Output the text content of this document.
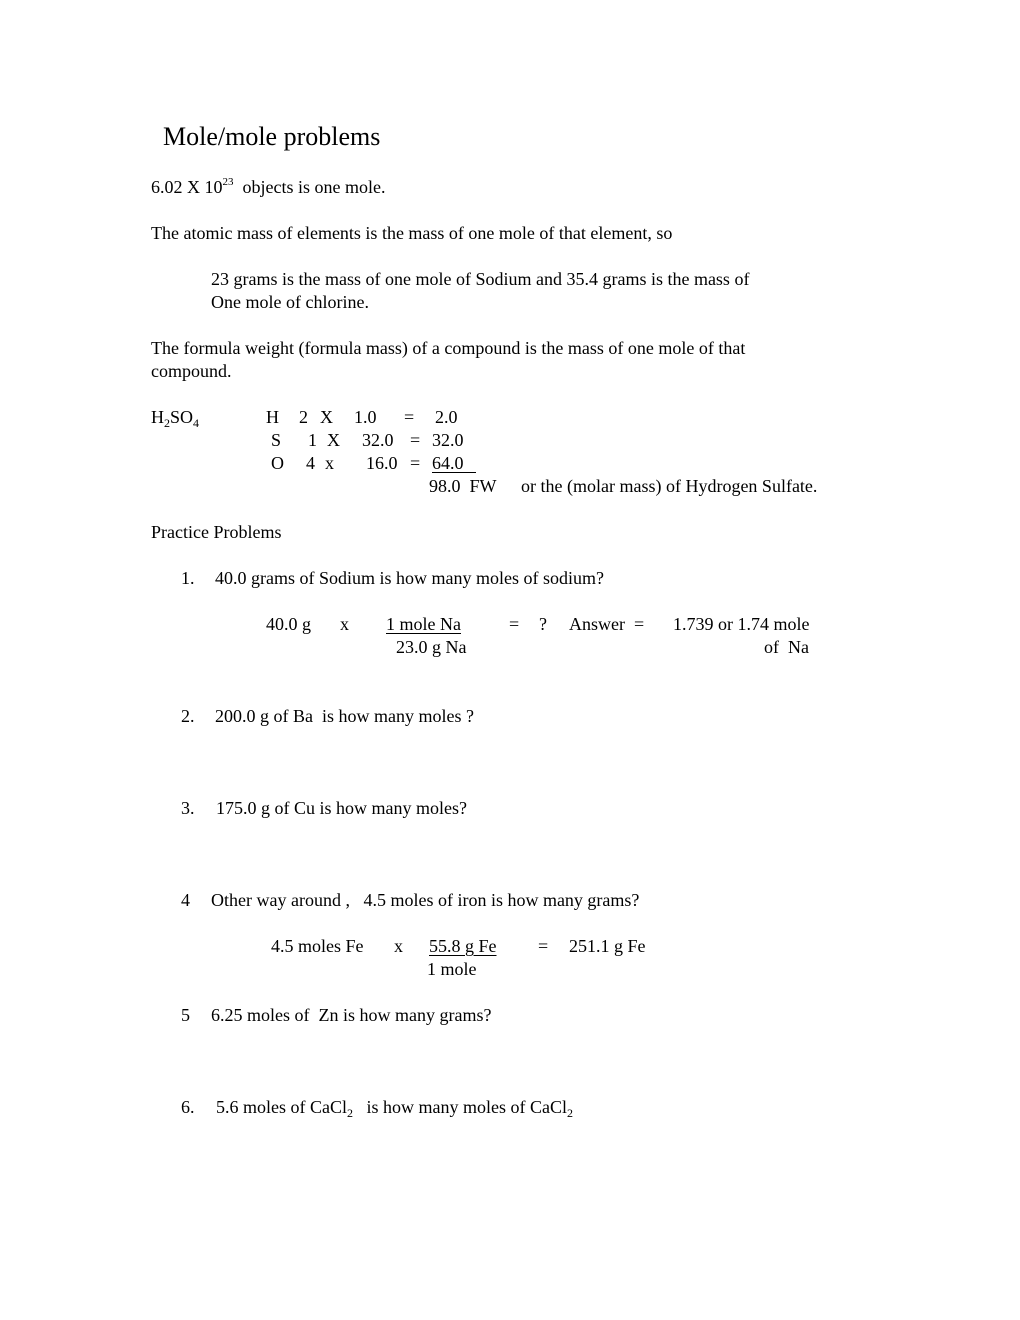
Mole/mole problems
6.02 X $10^{23}$  objects is one mole.
The atomic mass of elements is the mass of one mole of that element, so
23 grams is the mass of one mole of Sodium and 35.4 grams is the mass of
One mole of chlorine.
The formula weight (formula mass) of a compound is the mass of one mole of that
compound.
$H_2SO_4$	H 2 X 1.0 = 2.0
S 1 X 32.0 = 32.0
O 4 x 16.0 = 64.0
98.0  FW or the (molar mass) of Hydrogen Sulfate.
Practice Problems
1. 40.0 grams of Sodium is how many moles of sodium?
40.0 g x 1 mole Na	= ? Answer  = 1.739 or 1.74 mole
23.0 g Na	of  Na
2. 200.0 g of Ba  is how many moles ?
3. 175.0 g of Cu is how many moles?
4 Other way around ,   4.5 moles of iron is how many grams?
4.5 moles Fe x 55.8 g Fe = 251.1 g Fe
1 mole
5 6.25 moles of  Zn is how many grams?
6. 5.6 moles of CaCl$_2$   is how many moles of CaCl$_2$
